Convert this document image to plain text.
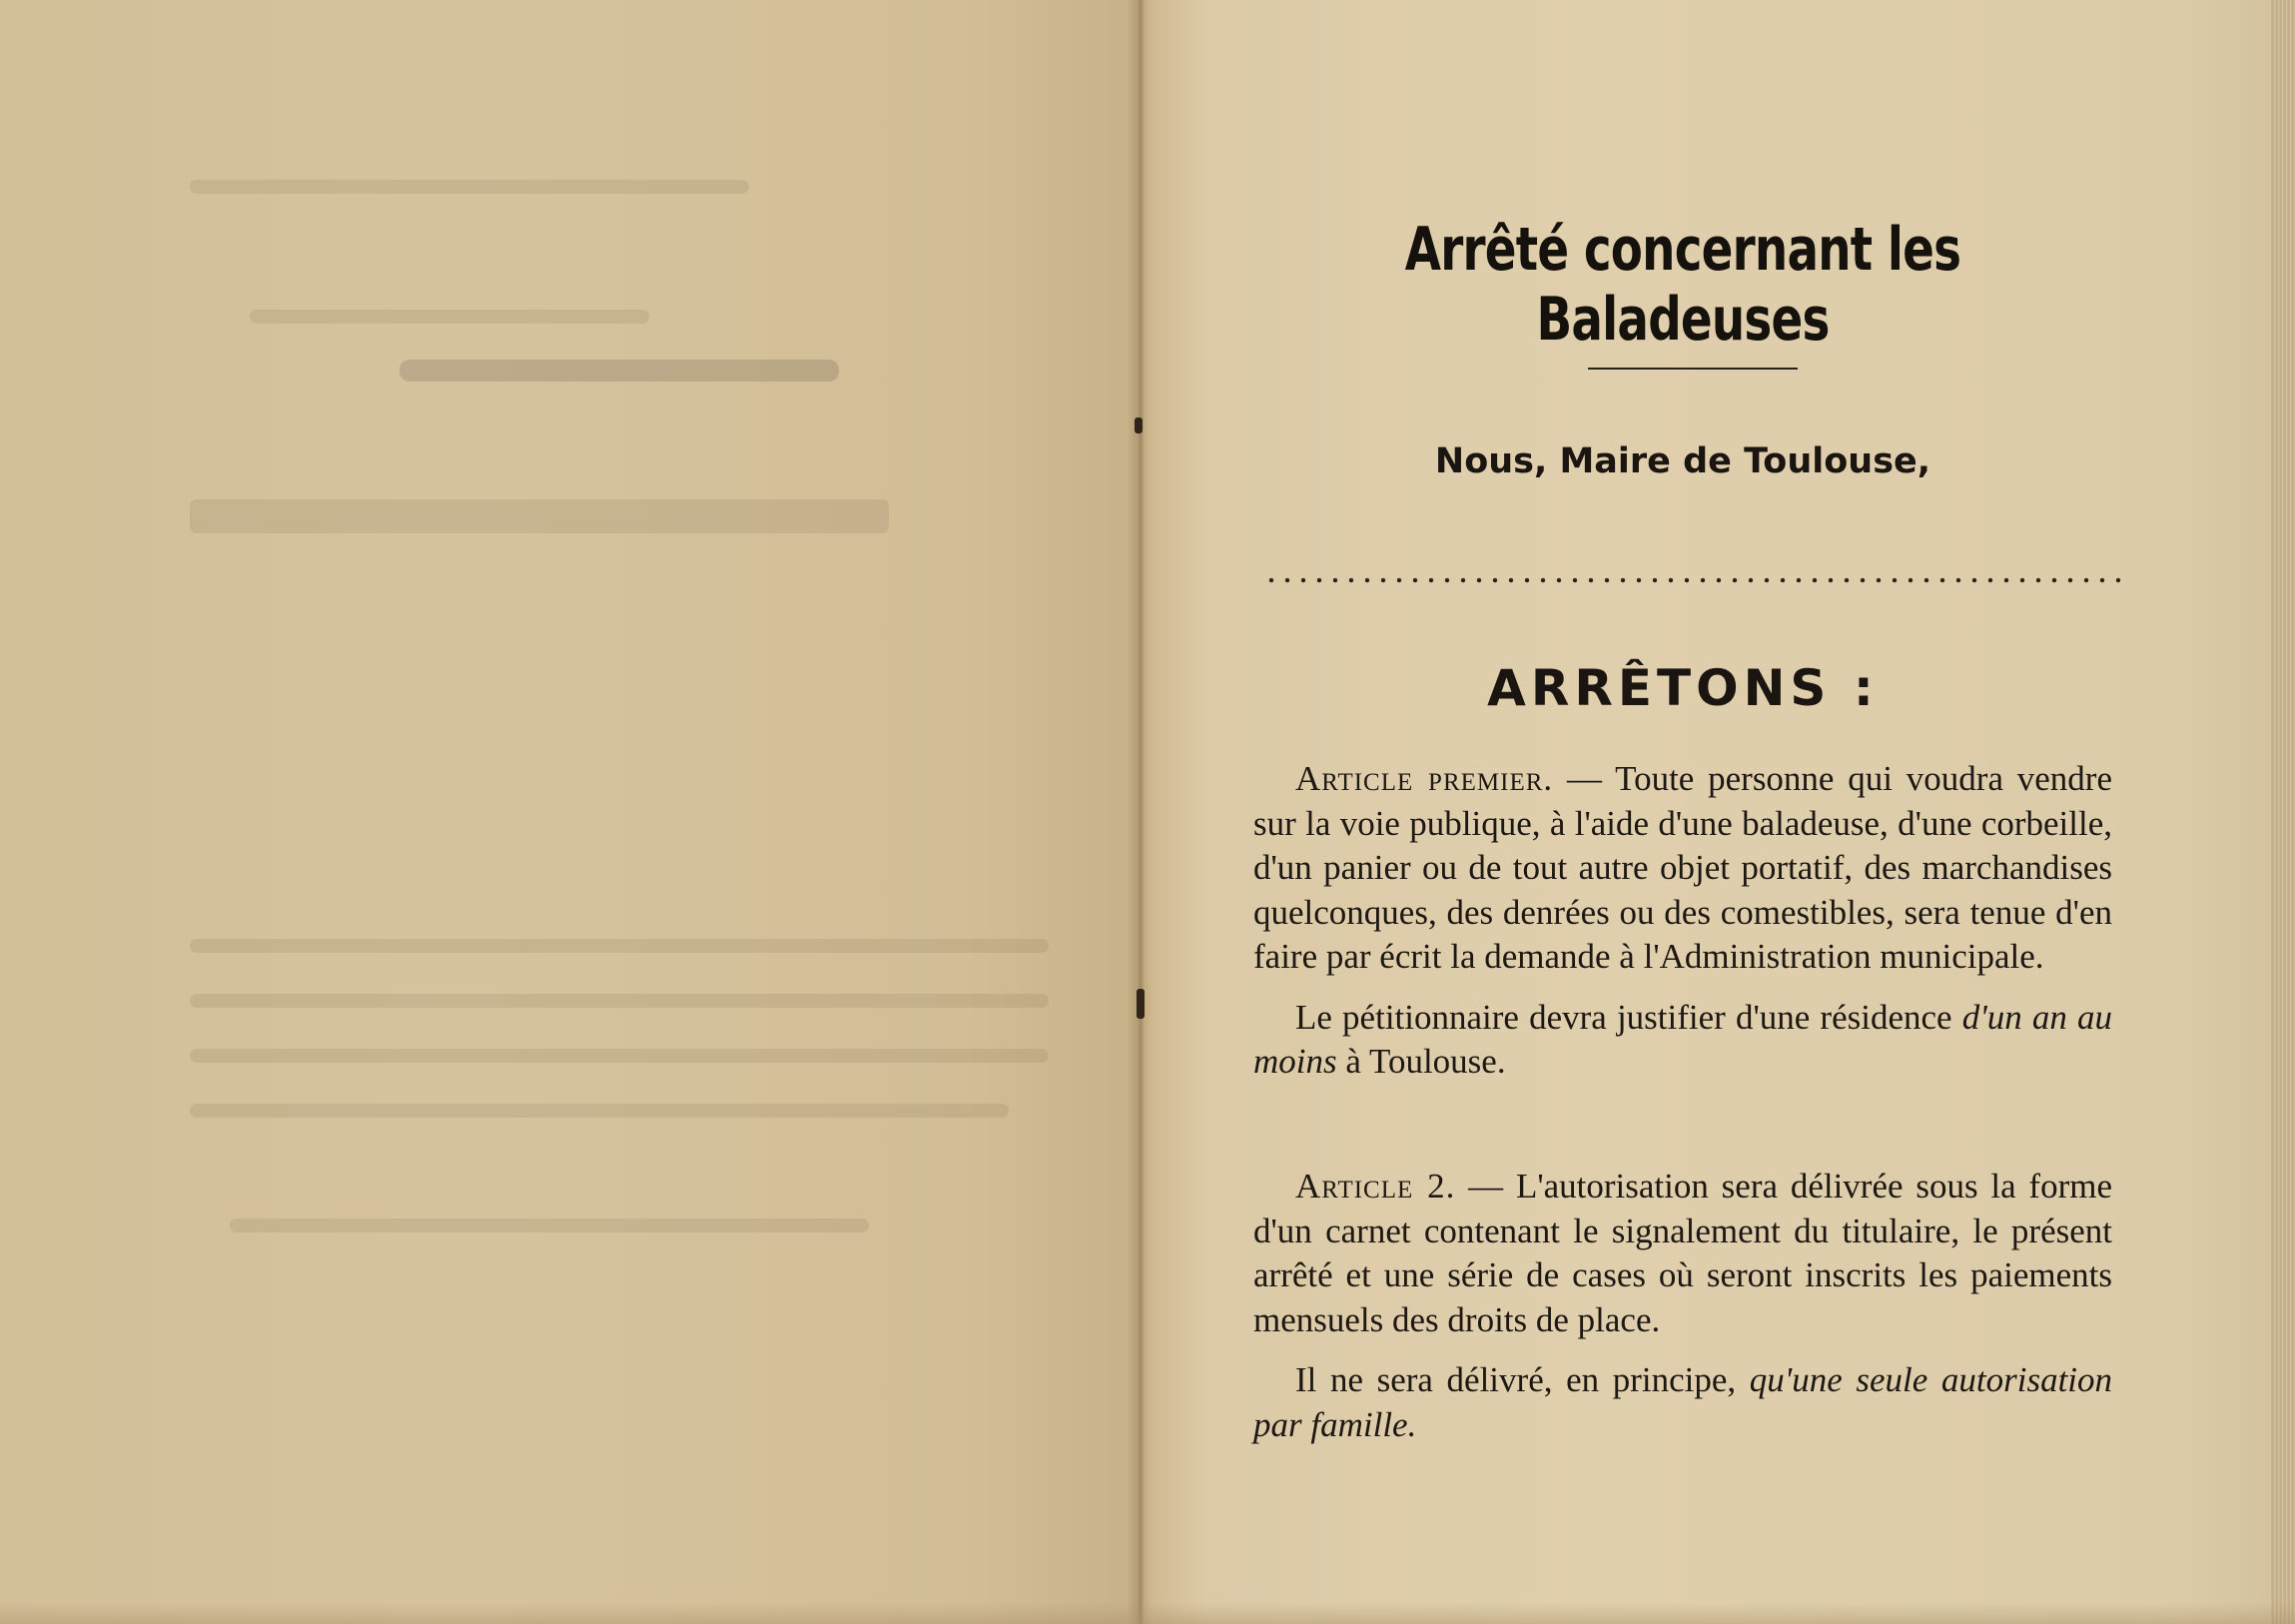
Arrêté concernant les Baladeuses
Nous, Maire de Toulouse,
ARRÊTONS :

Article premier. — Toute personne qui voudra vendre sur la voie publique, à l'aide d'une baladeuse, d'une corbeille, d'un panier ou de tout autre objet portatif, des marchandises quelconques, des denrées ou des comestibles, sera tenue d'en faire par écrit la demande à l'Administration municipale.

Le pétitionnaire devra justifier d'une résidence d'un an au moins à Toulouse.

Article 2. — L'autorisation sera délivrée sous la forme d'un carnet contenant le signalement du titulaire, le présent arrêté et une série de cases où seront inscrits les paiements mensuels des droits de place.

Il ne sera délivré, en principe, qu'une seule autorisation par famille.
